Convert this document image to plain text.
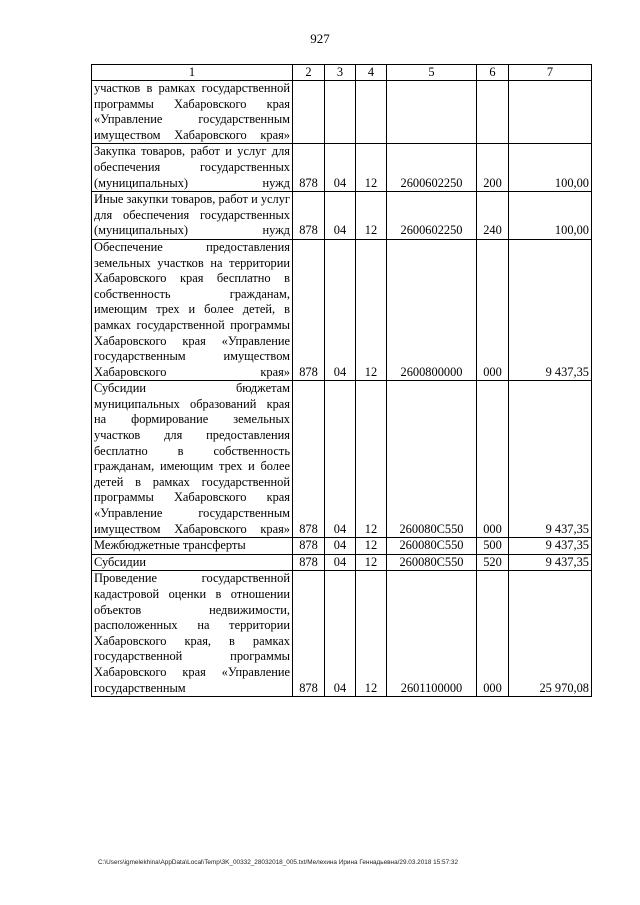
927
1	2	3	4	5	6	7
участков в рамках государственной программы Хабаровского края «Управление государственным имуществом Хабаровского края»						
Закупка товаров, работ и услуг для обеспечения государственных (муниципальных) нужд	878	04	12	2600602250	200	100,00
Иные закупки товаров, работ и услуг для обеспечения государственных (муниципальных) нужд	878	04	12	2600602250	240	100,00
Обеспечение предоставления земельных участков на территории Хабаровского края бесплатно в собственность гражданам, имеющим трех и более детей, в рамках государственной программы Хабаровского края «Управление государственным имуществом Хабаровского края»	878	04	12	2600800000	000	9 437,35
Субсидии бюджетам муниципальных образований края на формирование земельных участков для предоставления бесплатно в собственность гражданам, имеющим трех и более детей в рамках государственной программы Хабаровского края «Управление государственным имуществом Хабаровского края»	878	04	12	260080С550	000	9 437,35
Межбюджетные трансферты	878	04	12	260080С550	500	9 437,35
Субсидии	878	04	12	260080С550	520	9 437,35
Проведение государственной кадастровой оценки в отношении объектов недвижимости, расположенных на территории Хабаровского края, в рамках государственной программы Хабаровского края «Управление государственным	878	04	12	2601100000	000	25 970,08
C:\Users\igmelekhina\AppData\Local\Temp\3K_00332_28032018_005.txt/Мелехина Ирина Геннадьевна/29.03.2018 15:57:32
